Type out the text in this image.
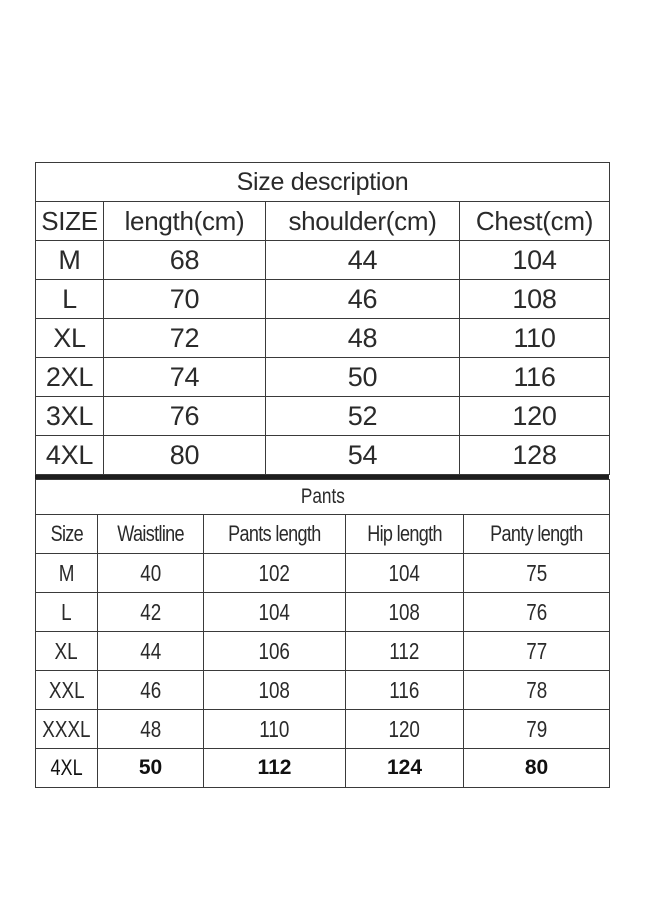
Size description			
SIZE	length(cm)	shoulder(cm)	Chest(cm)
M	68	44	104
L	70	46	108
XL	72	48	110
2XL	74	50	116
3XL	76	52	120
4XL	80	54	128
Pants				
Size	Waistline	Pants length	Hip length	Panty length
M	40	102	104	75
L	42	104	108	76
XL	44	106	112	77
XXL	46	108	116	78
XXXL	48	110	120	79
4XL	50	112	124	80
